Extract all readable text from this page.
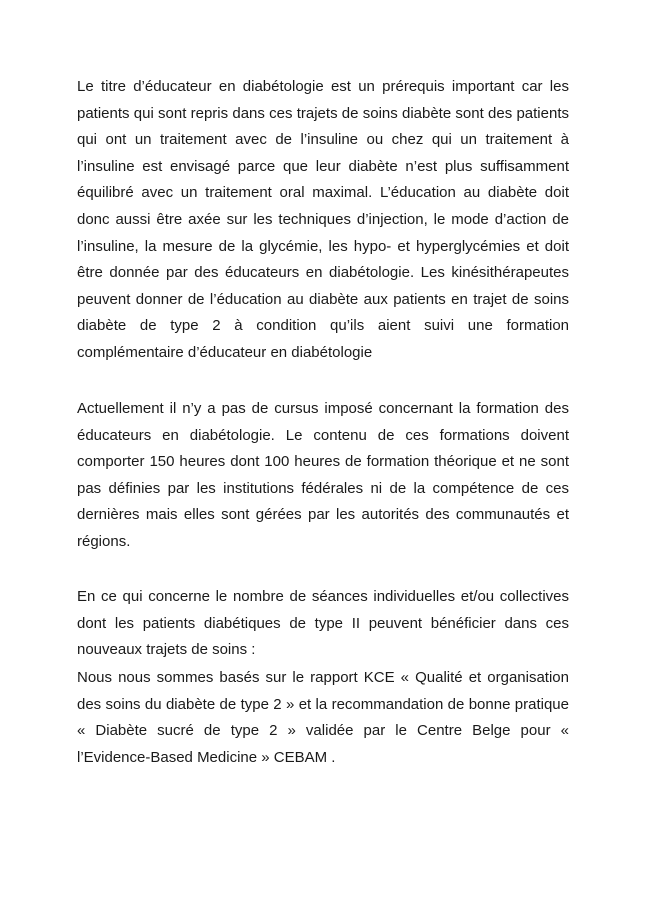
Le titre d’éducateur en diabétologie est un prérequis important car les patients qui sont repris dans ces trajets de soins diabète sont des patients qui ont un traitement avec de l’insuline ou chez qui un traitement à l’insuline est envisagé parce que leur diabète n’est plus suffisamment équilibré avec un traitement oral maximal. L’éducation au diabète doit donc aussi être axée sur les techniques d’injection, le mode d’action de l’insuline, la mesure de la glycémie, les hypo- et hyperglycémies et doit être donnée par des éducateurs en diabétologie. Les kinésithérapeutes peuvent donner de l’éducation au diabète aux patients en trajet de soins diabète de type 2 à condition qu’ils aient suivi une formation complémentaire d’éducateur en diabétologie

Actuellement il n’y a pas de cursus imposé concernant la formation des éducateurs en diabétologie. Le contenu de ces formations doivent comporter 150 heures dont 100 heures de formation théorique et ne sont pas définies par les institutions fédérales ni de la compétence de ces dernières mais elles sont gérées par les autorités des communautés et régions.

En ce qui concerne le nombre de séances individuelles et/ou collectives dont les patients diabétiques de type II peuvent bénéficier dans ces nouveaux trajets de soins :

Nous nous sommes basés sur le rapport KCE « Qualité et organisation des soins du diabète de type 2 » et la recommandation de bonne pratique « Diabète sucré de type 2 » validée par le Centre Belge pour « l’Evidence-Based Medicine » CEBAM .
